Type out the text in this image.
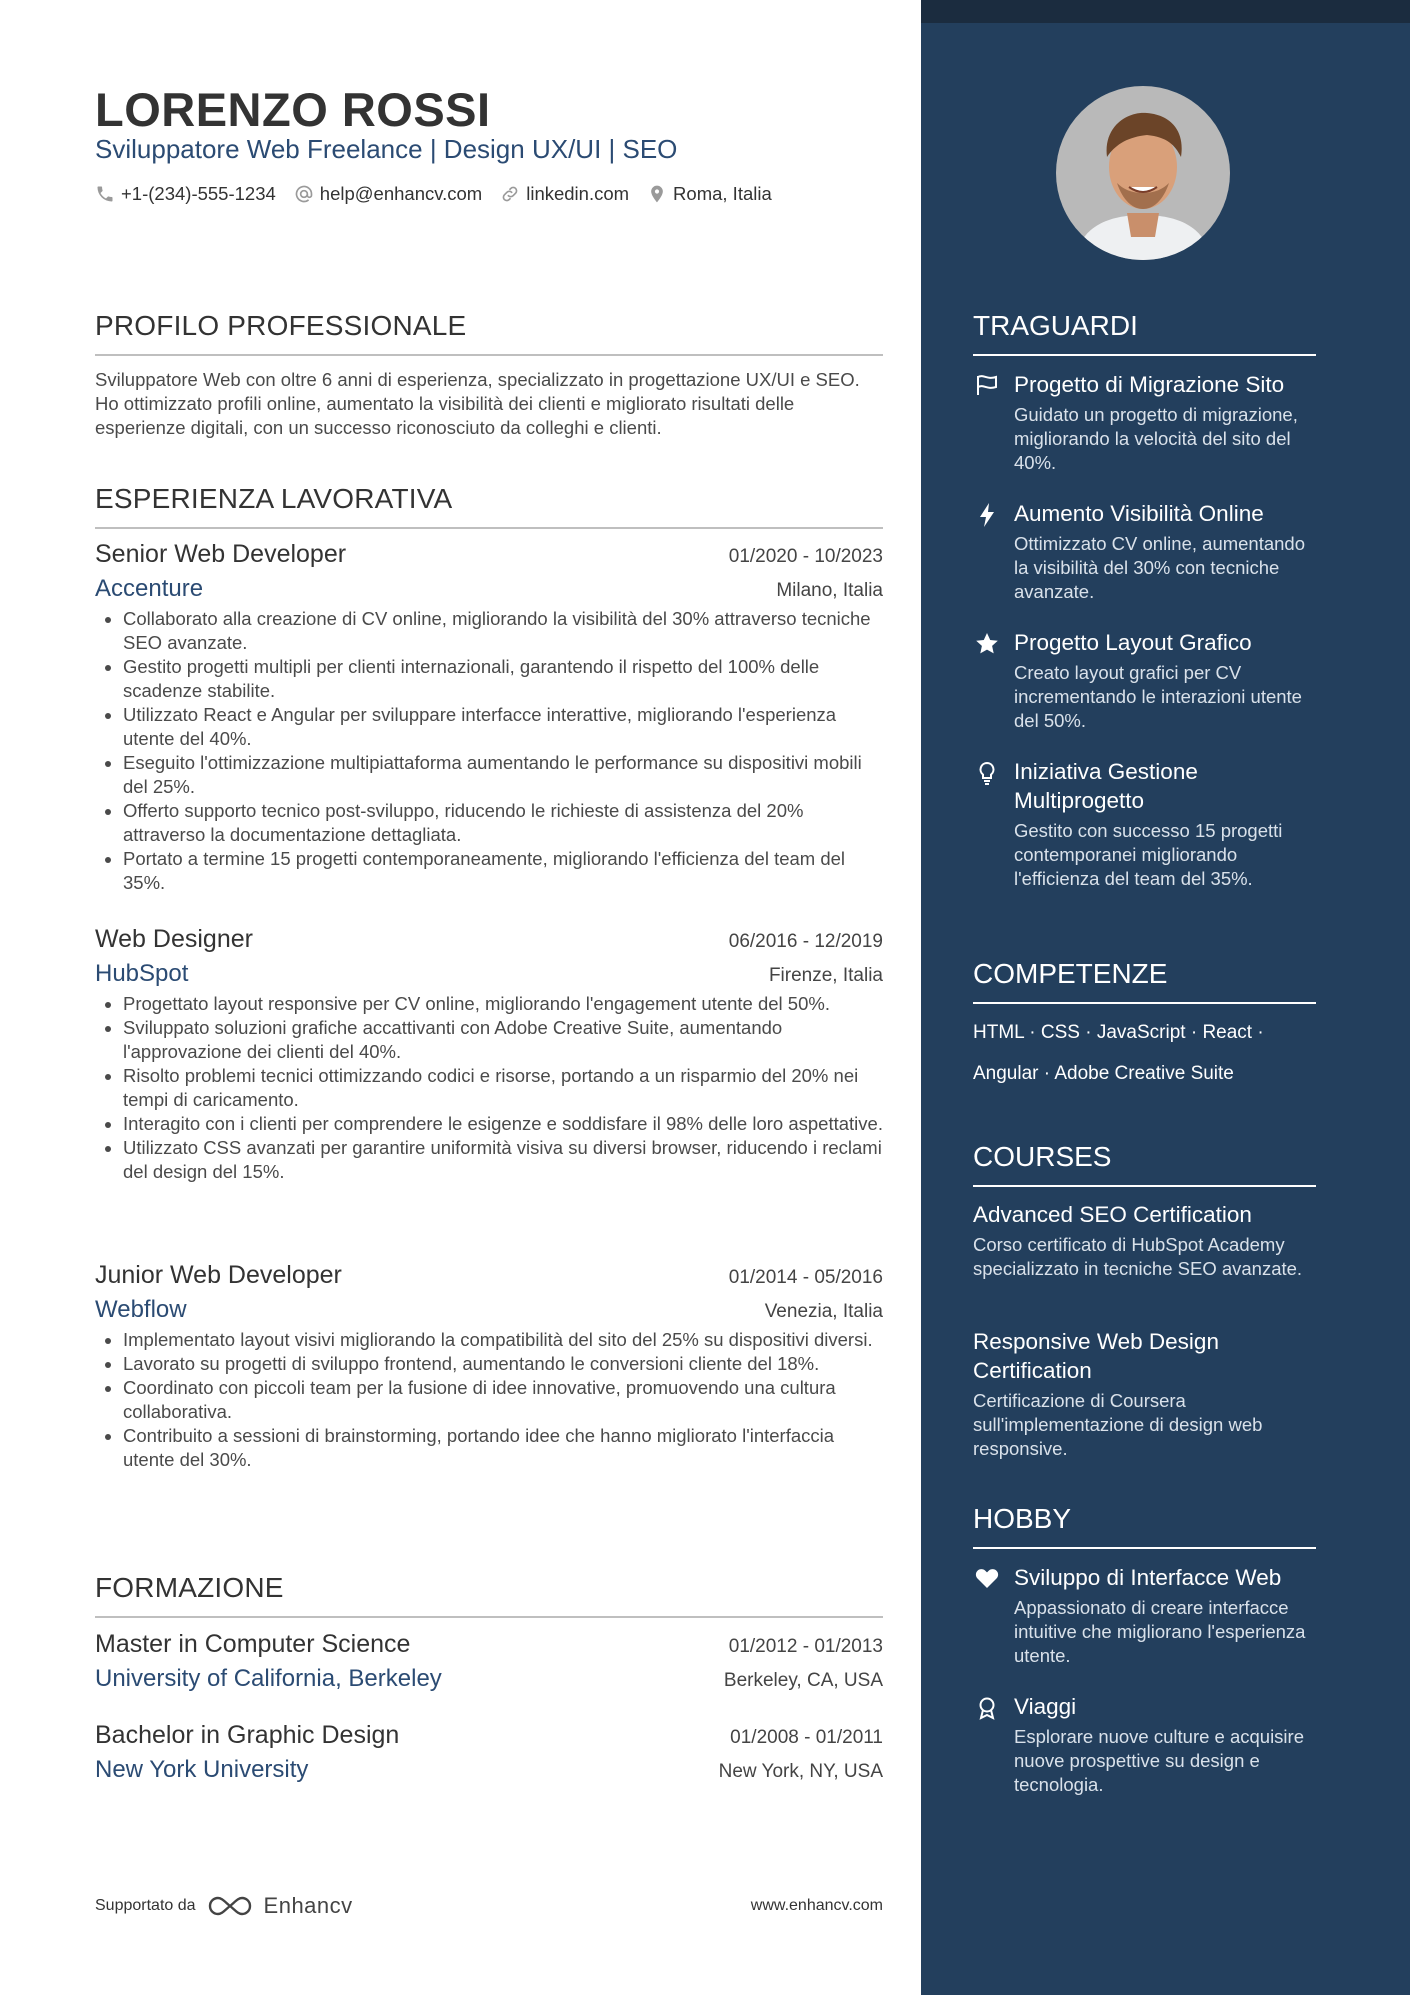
LORENZO ROSSI
Sviluppatore Web Freelance | Design UX/UI | SEO
+1-(234)-555-1234 help@enhancv.com linkedin.com Roma, Italia
PROFILO PROFESSIONALE
Sviluppatore Web con oltre 6 anni di esperienza, specializzato in progettazione UX/UI e SEO. Ho ottimizzato profili online, aumentato la visibilità dei clienti e migliorato risultati delle esperienze digitali, con un successo riconosciuto da colleghi e clienti.
ESPERIENZA LAVORATIVA
Senior Web Developer	01/2020 - 10/2023
Accenture	Milano, Italia
• Collaborato alla creazione di CV online, migliorando la visibilità del 30% attraverso tecniche SEO avanzate.
• Gestito progetti multipli per clienti internazionali, garantendo il rispetto del 100% delle scadenze stabilite.
• Utilizzato React e Angular per sviluppare interfacce interattive, migliorando l'esperienza utente del 40%.
• Eseguito l'ottimizzazione multipiattaforma aumentando le performance su dispositivi mobili del 25%.
• Offerto supporto tecnico post-sviluppo, riducendo le richieste di assistenza del 20% attraverso la documentazione dettagliata.
• Portato a termine 15 progetti contemporaneamente, migliorando l'efficienza del team del 35%.
Web Designer	06/2016 - 12/2019
HubSpot	Firenze, Italia
• Progettato layout responsive per CV online, migliorando l'engagement utente del 50%.
• Sviluppato soluzioni grafiche accattivanti con Adobe Creative Suite, aumentando l'approvazione dei clienti del 40%.
• Risolto problemi tecnici ottimizzando codici e risorse, portando a un risparmio del 20% nei tempi di caricamento.
• Interagito con i clienti per comprendere le esigenze e soddisfare il 98% delle loro aspettative.
• Utilizzato CSS avanzati per garantire uniformità visiva su diversi browser, riducendo i reclami del design del 15%.
Junior Web Developer	01/2014 - 05/2016
Webflow	Venezia, Italia
• Implementato layout visivi migliorando la compatibilità del sito del 25% su dispositivi diversi.
• Lavorato su progetti di sviluppo frontend, aumentando le conversioni cliente del 18%.
• Coordinato con piccoli team per la fusione di idee innovative, promuovendo una cultura collaborativa.
• Contribuito a sessioni di brainstorming, portando idee che hanno migliorato l'interfaccia utente del 30%.
FORMAZIONE
Master in Computer Science	01/2012 - 01/2013
University of California, Berkeley	Berkeley, CA, USA
Bachelor in Graphic Design	01/2008 - 01/2011
New York University	New York, NY, USA
Supportato da	Enhancv	www.enhancv.com
TRAGUARDI
Progetto di Migrazione Sito
Guidato un progetto di migrazione, migliorando la velocità del sito del 40%.
Aumento Visibilità Online
Ottimizzato CV online, aumentando la visibilità del 30% con tecniche avanzate.
Progetto Layout Grafico
Creato layout grafici per CV incrementando le interazioni utente del 50%.
Iniziativa Gestione Multiprogetto
Gestito con successo 15 progetti contemporanei migliorando l'efficienza del team del 35%.
COMPETENZE
HTML · CSS · JavaScript · React ·
Angular · Adobe Creative Suite
COURSES
Advanced SEO Certification
Corso certificato di HubSpot Academy specializzato in tecniche SEO avanzate.
Responsive Web Design Certification
Certificazione di Coursera sull'implementazione di design web responsive.
HOBBY
Sviluppo di Interfacce Web
Appassionato di creare interfacce intuitive che migliorano l'esperienza utente.
Viaggi
Esplorare nuove culture e acquisire nuove prospettive su design e tecnologia.
